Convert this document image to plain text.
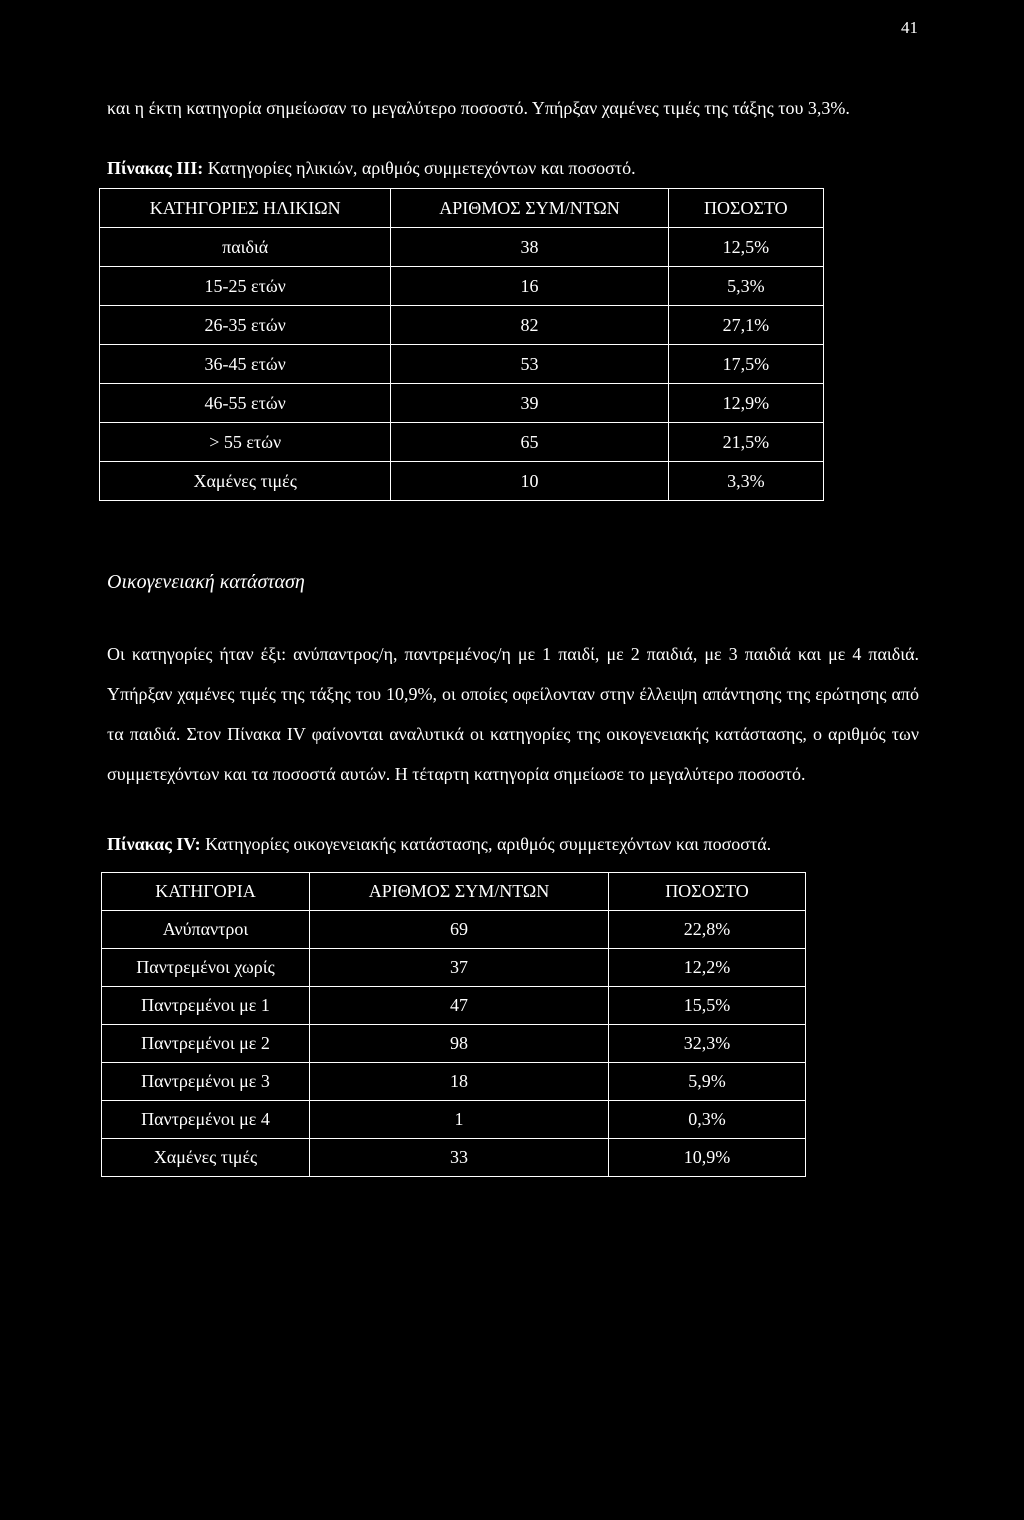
41

και η έκτη κατηγορία σημείωσαν το μεγαλύτερο ποσοστό. Υπήρξαν χαμένες τιμές της τάξης του 3,3%.

Πίνακας III: Κατηγορίες ηλικιών, αριθμός συμμετεχόντων και ποσοστό.

ΚΑΤΗΓΟΡΙΕΣ ΗΛΙΚΙΩΝ	ΑΡΙΘΜΟΣ ΣΥΜ/ΝΤΩΝ	ΠΟΣΟΣΤΟ
παιδιά	38	12,5%
15-25 ετών	16	5,3%
26-35 ετών	82	27,1%
36-45 ετών	53	17,5%
46-55 ετών	39	12,9%
> 55 ετών	65	21,5%
Χαμένες τιμές	10	3,3%

Οικογενειακή κατάσταση

Οι κατηγορίες ήταν έξι: ανύπαντρος/η, παντρεμένος/η με 1 παιδί, με 2 παιδιά, με 3 παιδιά και με 4 παιδιά. Υπήρξαν χαμένες τιμές της τάξης του 10,9%, οι οποίες οφείλονταν στην έλλειψη απάντησης της ερώτησης από τα παιδιά. Στον Πίνακα IV φαίνονται αναλυτικά οι κατηγορίες της οικογενειακής κατάστασης, ο αριθμός των συμμετεχόντων και τα ποσοστά αυτών. Η τέταρτη κατηγορία σημείωσε το μεγαλύτερο ποσοστό.

Πίνακας IV: Κατηγορίες οικογενειακής κατάστασης, αριθμός συμμετεχόντων και ποσοστά.

ΚΑΤΗΓΟΡΙΑ	ΑΡΙΘΜΟΣ ΣΥΜ/ΝΤΩΝ	ΠΟΣΟΣΤΟ
Ανύπαντροι	69	22,8%
Παντρεμένοι χωρίς	37	12,2%
Παντρεμένοι με 1	47	15,5%
Παντρεμένοι με 2	98	32,3%
Παντρεμένοι με 3	18	5,9%
Παντρεμένοι με 4	1	0,3%
Χαμένες τιμές	33	10,9%
